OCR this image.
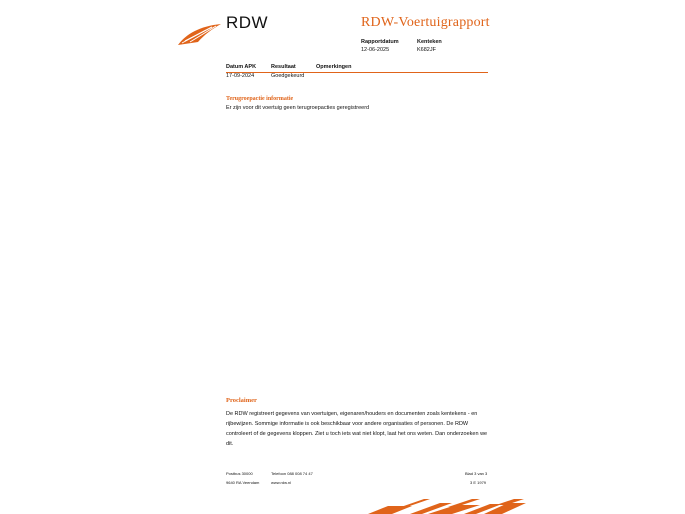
RDW	RDW-Voertuigrapport
Rapportdatum
12-06-2025
Kenteken
K682JF
Datum APK	Resultaat	Opmerkingen
17-09-2024	Goedgekeurd
Terugroepactie informatie
Er zijn voor dit voertuig geen terugroepacties geregistreerd
Proclaimer
De RDW registreert gegevens van voertuigen, eigenaren/houders en documenten zoals kentekens - en rijbewijzen. Sommige informatie is ook beschikbaar voor andere organisaties of personen. De RDW controleert of de gegevens kloppen. Ziet u toch iets wat niet klopt, laat het ons weten. Dan onderzoeken we dit.
Postbus 30000
9640 RA Veendam
Telefoon 088 008 74 47
www.rdw.nl
Blad 3 van 3
3 E 1979
